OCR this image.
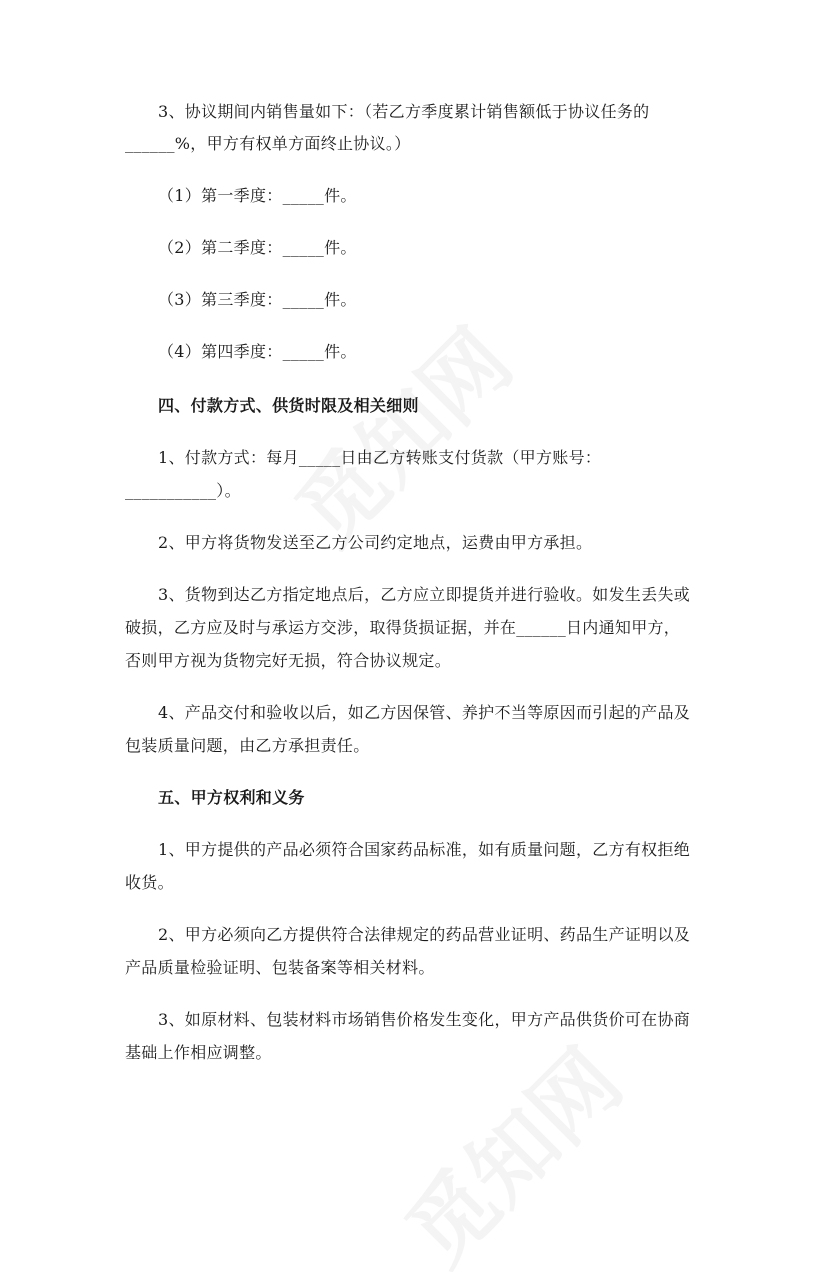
3、协议期间内销售量如下：（若乙方季度累计销售额低于协议任务的
______%，甲方有权单方面终止协议。）
（1）第一季度：_____件。
（2）第二季度：_____件。
（3）第三季度：_____件。
（4）第四季度：_____件。
四、付款方式、供货时限及相关细则
1、付款方式：每月_____日由乙方转账支付货款（甲方账号：
___________）。
2、甲方将货物发送至乙方公司约定地点，运费由甲方承担。
3、货物到达乙方指定地点后，乙方应立即提货并进行验收。如发生丢失或
破损，乙方应及时与承运方交涉，取得货损证据，并在______日内通知甲方，
否则甲方视为货物完好无损，符合协议规定。
4、产品交付和验收以后，如乙方因保管、养护不当等原因而引起的产品及
包装质量问题，由乙方承担责任。
五、甲方权利和义务
1、甲方提供的产品必须符合国家药品标准，如有质量问题，乙方有权拒绝
收货。
2、甲方必须向乙方提供符合法律规定的药品营业证明、药品生产证明以及
产品质量检验证明、包装备案等相关材料。
3、如原材料、包装材料市场销售价格发生变化，甲方产品供货价可在协商
基础上作相应调整。
